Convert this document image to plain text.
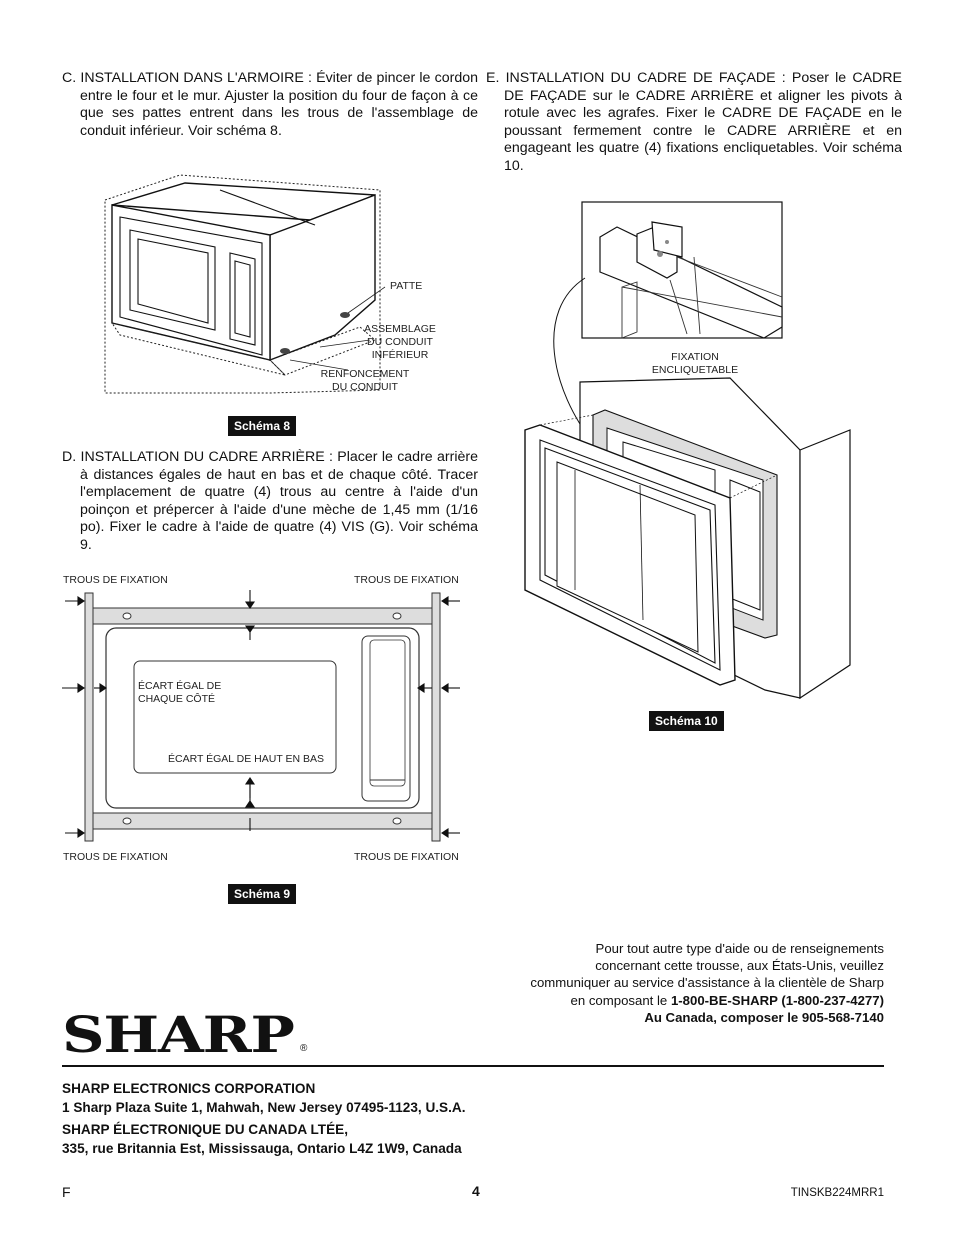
C. INSTALLATION DANS L'ARMOIRE : Éviter de pincer le cordon entre le four et le mur. Ajuster la position du four de façon à ce que ses pattes entrent dans les trous de l'assemblage de conduit inférieur. Voir schéma 8.
PATTE
ASSEMBLAGE
DU CONDUIT
INFÉRIEUR
RENFONCEMENT
DU CONDUIT
Schéma 8
D. INSTALLATION DU CADRE ARRIÈRE : Placer le cadre arrière à distances égales de haut en bas et de chaque côté. Tracer l'emplacement de quatre (4) trous au centre à l'aide d'un poinçon et prépercer à l'aide d'une mèche de 1,45 mm (1/16 po). Fixer le cadre à l'aide de quatre (4) VIS (G). Voir schéma 9.
TROUS DE FIXATION	TROUS DE FIXATION
TROUS DE FIXATION	TROUS DE FIXATION
ÉCART ÉGAL DE
CHAQUE CÔTÉ
ÉCART ÉGAL DE HAUT EN BAS
Schéma 9
E. INSTALLATION DU CADRE DE FAÇADE : Poser le CADRE DE FAÇADE sur le CADRE ARRIÈRE et aligner les pivots à rotule avec les agrafes. Fixer le CADRE DE FAÇADE en le poussant fermement contre le CADRE ARRIÈRE et en engageant les quatre (4) fixations encliquetables. Voir schéma 10.
FIXATION
ENCLIQUETABLE
Schéma 10
Pour tout autre type d'aide ou de renseignements
concernant cette trousse, aux États-Unis, veuillez
communiquer au service d'assistance à la clientèle de Sharp
en composant le 1-800-BE-SHARP (1-800-237-4277)
Au Canada, composer le 905-568-7140
SHARP ®
SHARP ELECTRONICS CORPORATION
1 Sharp Plaza Suite 1, Mahwah, New Jersey 07495-1123, U.S.A.
SHARP ÉLECTRONIQUE DU CANADA LTÉE,
335, rue Britannia Est, Mississauga, Ontario L4Z 1W9, Canada
F	4	TINSKB224MRR1
